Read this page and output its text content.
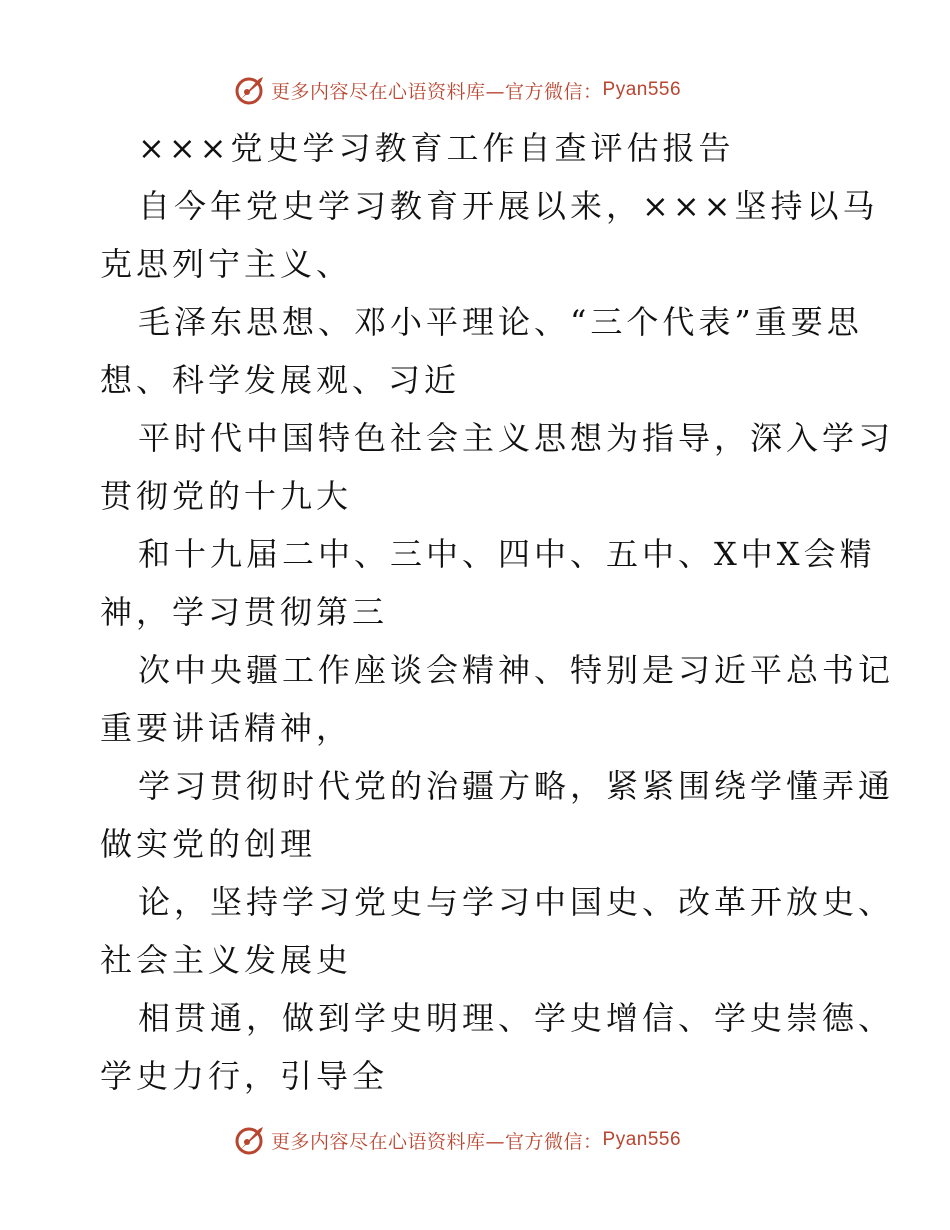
更多内容尽在心语资料库—官方微信： Pyan556
×××党史学习教育工作自查评估报告
自今年党史学习教育开展以来，×××坚持以马
克思列宁主义、
毛泽东思想、邓小平理论、“三个代表”重要思
想、科学发展观、习近
平时代中国特色社会主义思想为指导，深入学习
贯彻党的十九大
和十九届二中、三中、四中、五中、X中X会精
神，学习贯彻第三
次中央疆工作座谈会精神、特别是习近平总书记
重要讲话精神，
学习贯彻时代党的治疆方略，紧紧围绕学懂弄通
做实党的创理
论，坚持学习党史与学习中国史、改革开放史、
社会主义发展史
相贯通，做到学史明理、学史增信、学史崇德、
学史力行，引导全
更多内容尽在心语资料库—官方微信： Pyan556
